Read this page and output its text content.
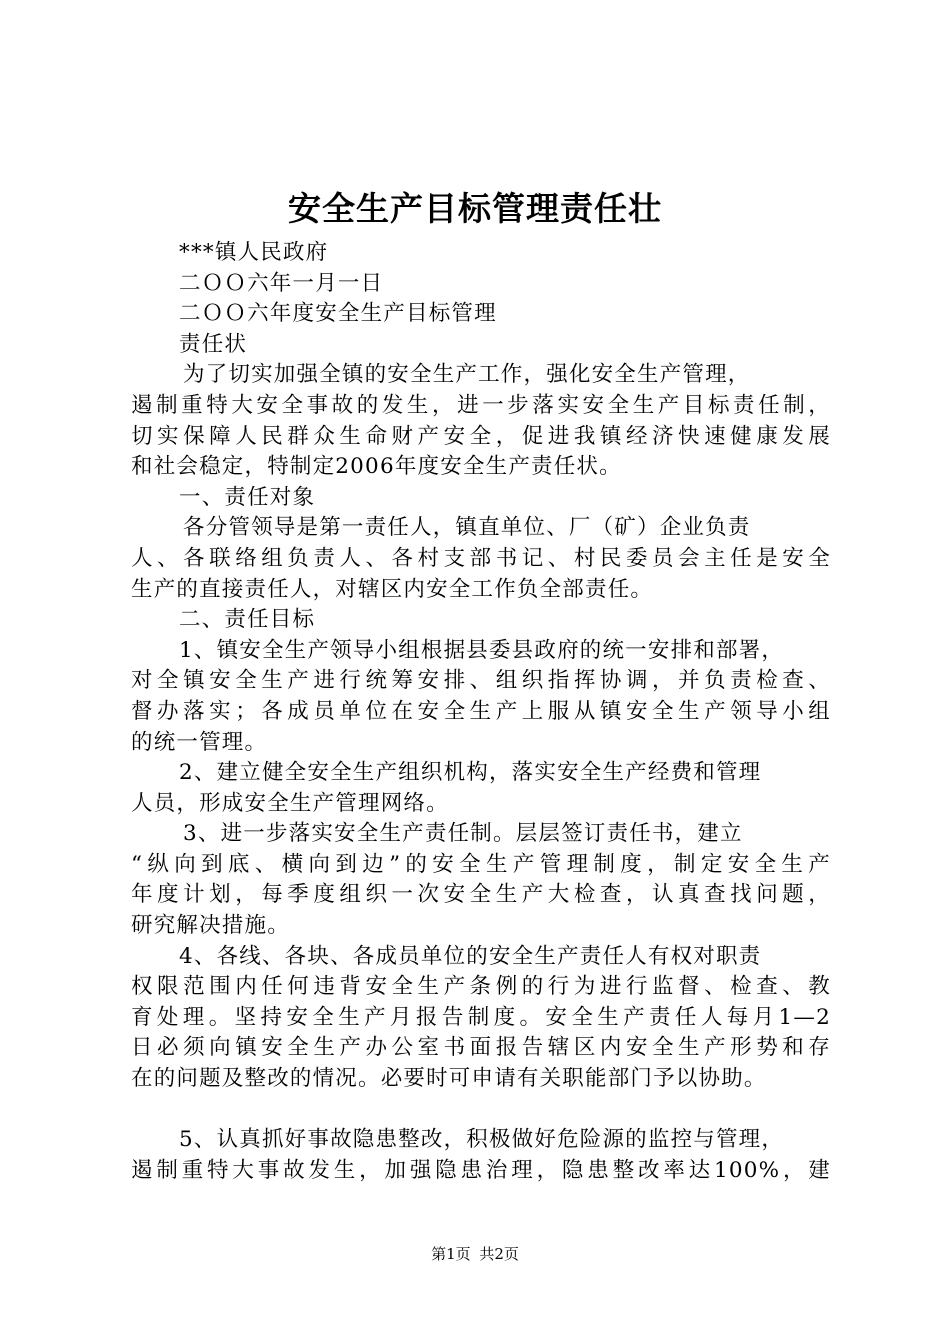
安全生产目标管理责任壮
***镇人民政府
二ＯＯ六年一月一日
二ＯＯ六年度安全生产目标管理
责任状
为了切实加强全镇的安全生产工作，强化安全生产管理，
遏制重特大安全事故的发生，进一步落实安全生产目标责任制，
切实保障人民群众生命财产安全，促进我镇经济快速健康发展
和社会稳定，特制定2006年度安全生产责任状。
一、责任对象
各分管领导是第一责任人，镇直单位、厂（矿）企业负责
人、各联络组负责人、各村支部书记、村民委员会主任是安全
生产的直接责任人，对辖区内安全工作负全部责任。
二、责任目标
1、镇安全生产领导小组根据县委县政府的统一安排和部署，
对全镇安全生产进行统筹安排、组织指挥协调，并负责检查、
督办落实；各成员单位在安全生产上服从镇安全生产领导小组
的统一管理。
2、建立健全安全生产组织机构，落实安全生产经费和管理
人员，形成安全生产管理网络。
3、进一步落实安全生产责任制。层层签订责任书，建立
“纵向到底、横向到边”的安全生产管理制度，制定安全生产
年度计划，每季度组织一次安全生产大检查，认真查找问题，
研究解决措施。
4、各线、各块、各成员单位的安全生产责任人有权对职责
权限范围内任何违背安全生产条例的行为进行监督、检查、教
育处理。坚持安全生产月报告制度。安全生产责任人每月1—2
日必须向镇安全生产办公室书面报告辖区内安全生产形势和存
在的问题及整改的情况。必要时可申请有关职能部门予以协助。
5、认真抓好事故隐患整改，积极做好危险源的监控与管理，
遏制重特大事故发生，加强隐患治理，隐患整改率达100%，建
第1页 共2页
